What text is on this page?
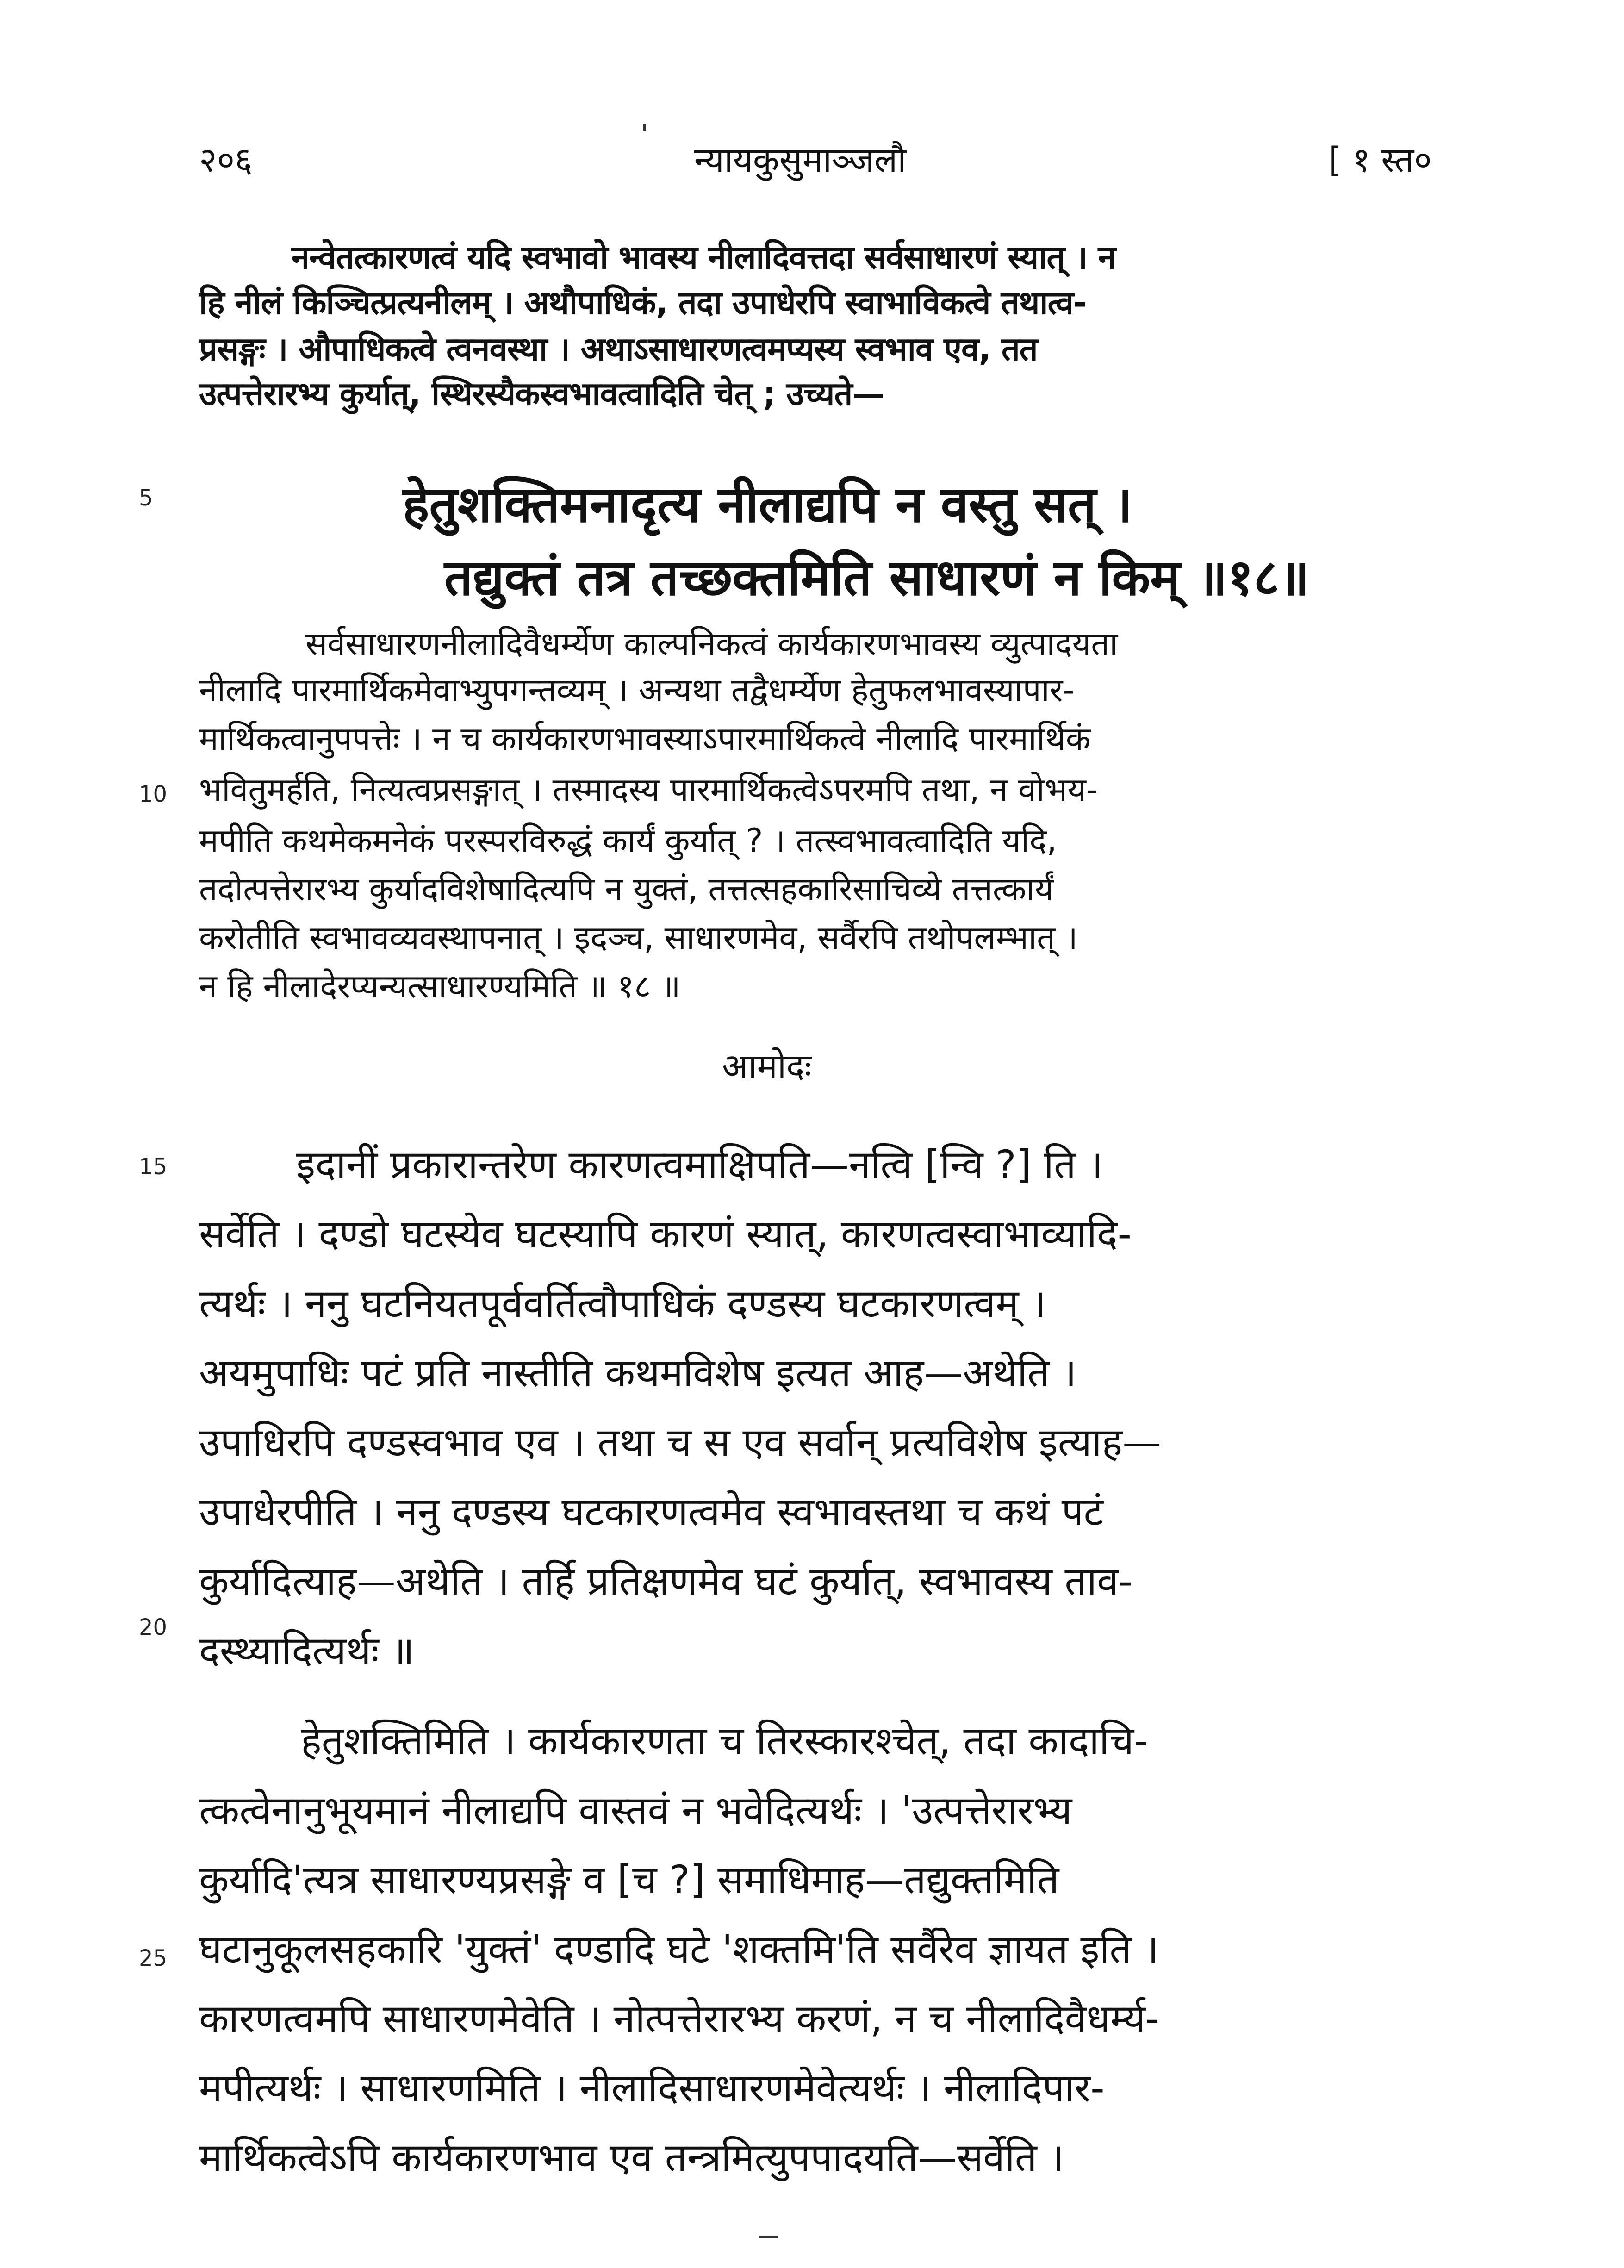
२०६	न्यायकुसुमाञ्जलौ	[ १ स्त०
5
10
15
20
25
नन्वेतत्कारणत्वं यदि स्वभावो भावस्य नीलादिवत्तदा सर्वसाधारणं स्यात् । न
हि नीलं किञ्चित्प्रत्यनीलम् । अथौपाधिकं, तदा उपाधेरपि स्वाभाविकत्वे तथात्व-
प्रसङ्गः । औपाधिकत्वे त्वनवस्था । अथाऽसाधारणत्वमप्यस्य स्वभाव एव, तत
उत्पत्तेरारभ्य कुर्यात्, स्थिरस्यैकस्वभावत्वादिति चेत् ; उच्यते—
हेतुशक्तिमनादृत्य नीलाद्यपि न वस्तु सत् ।
तद्युक्तं तत्र तच्छक्तमिति साधारणं न किम् ॥१८॥
सर्वसाधारणनीलादिवैधर्म्येण काल्पनिकत्वं कार्यकारणभावस्य व्युत्पादयता
नीलादि पारमार्थिकमेवाभ्युपगन्तव्यम् । अन्यथा तद्वैधर्म्येण हेतुफलभावस्यापार-
मार्थिकत्वानुपपत्तेः । न च कार्यकारणभावस्याऽपारमार्थिकत्वे नीलादि पारमार्थिकं
भवितुमर्हति, नित्यत्वप्रसङ्गात् । तस्मादस्य पारमार्थिकत्वेऽपरमपि तथा, न वोभय-
मपीति कथमेकमनेकं परस्परविरुद्धं कार्यं कुर्यात् ? । तत्स्वभावत्वादिति यदि,
तदोत्पत्तेरारभ्य कुर्यादविशेषादित्यपि न युक्तं, तत्तत्सहकारिसाचिव्ये तत्तत्कार्यं
करोतीति स्वभावव्यवस्थापनात् । इदञ्च, साधारणमेव, सर्वैरपि तथोपलम्भात् ।
न हि नीलादेरप्यन्यत्साधारण्यमिति ॥ १८ ॥
आमोदः
इदानीं प्रकारान्तरेण कारणत्वमाक्षिपति—नत्वि [न्वि ?] ति ।
सर्वेति । दण्डो घटस्येव घटस्यापि कारणं स्यात्, कारणत्वस्वाभाव्यादि-
त्यर्थः । ननु घटनियतपूर्ववर्तित्वौपाधिकं दण्डस्य घटकारणत्वम् ।
अयमुपाधिः पटं प्रति नास्तीति कथमविशेष इत्यत आह—अथेति ।
उपाधिरपि दण्डस्वभाव एव । तथा च स एव सर्वान् प्रत्यविशेष इत्याह—
उपाधेरपीति । ननु दण्डस्य घटकारणत्वमेव स्वभावस्तथा च कथं पटं
कुर्यादित्याह—अथेति । तर्हि प्रतिक्षणमेव घटं कुर्यात्, स्वभावस्य ताव-
दस्थ्यादित्यर्थः ॥
हेतुशक्तिमिति । कार्यकारणता च तिरस्कारश्चेत्, तदा कादाचि-
त्कत्वेनानुभूयमानं नीलाद्यपि वास्तवं न भवेदित्यर्थः । 'उत्पत्तेरारभ्य
कुर्यादि'त्यत्र साधारण्यप्रसङ्गे व [च ?] समाधिमाह—तद्युक्तमिति
घटानुकूलसहकारि 'युक्तं' दण्डादि घटे 'शक्तमि'ति सर्वैरेव ज्ञायत इति ।
कारणत्वमपि साधारणमेवेति । नोत्पत्तेरारभ्य करणं, न च नीलादिवैधर्म्य-
मपीत्यर्थः । साधारणमिति । नीलादिसाधारणमेवेत्यर्थः । नीलादिपार-
मार्थिकत्वेऽपि कार्यकारणभाव एव तन्त्रमित्युपपादयति—सर्वेति ।
